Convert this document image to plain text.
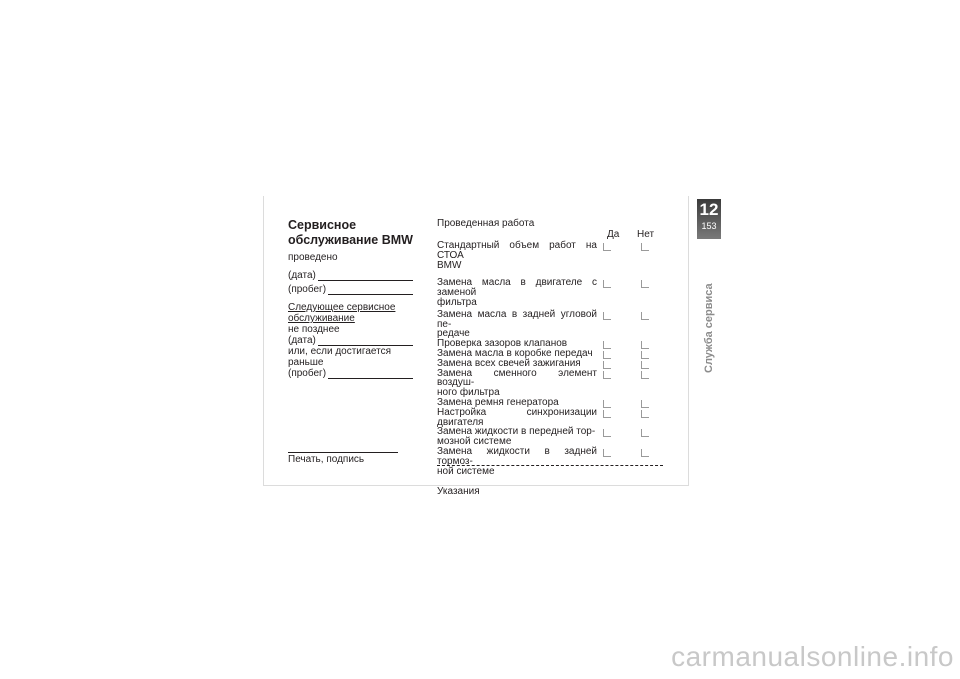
Сервисное
обслуживание BMW
проведено
(дата)
(пробег)
Следующее сервисное
обслуживание
не позднее
(дата)
или, если достигается
раньше
(пробег)
Печать, подпись
Проведенная работа
Да Нет
Стандартный объем работ на СТОА
BMW
Замена масла в двигателе с заменой
фильтра
Замена масла в задней угловой пе-
редаче
Проверка зазоров клапанов
Замена масла в коробке передач
Замена всех свечей зажигания
Замена сменного элемент воздуш-
ного фильтра
Замена ремня генератора
Настройка синхронизации двигателя
Замена жидкости в передней тор-
мозной системе
Замена жидкости в задней тормоз-
ной системе
Указания
12
153
Служба сервиса
carmanualsonline.info
